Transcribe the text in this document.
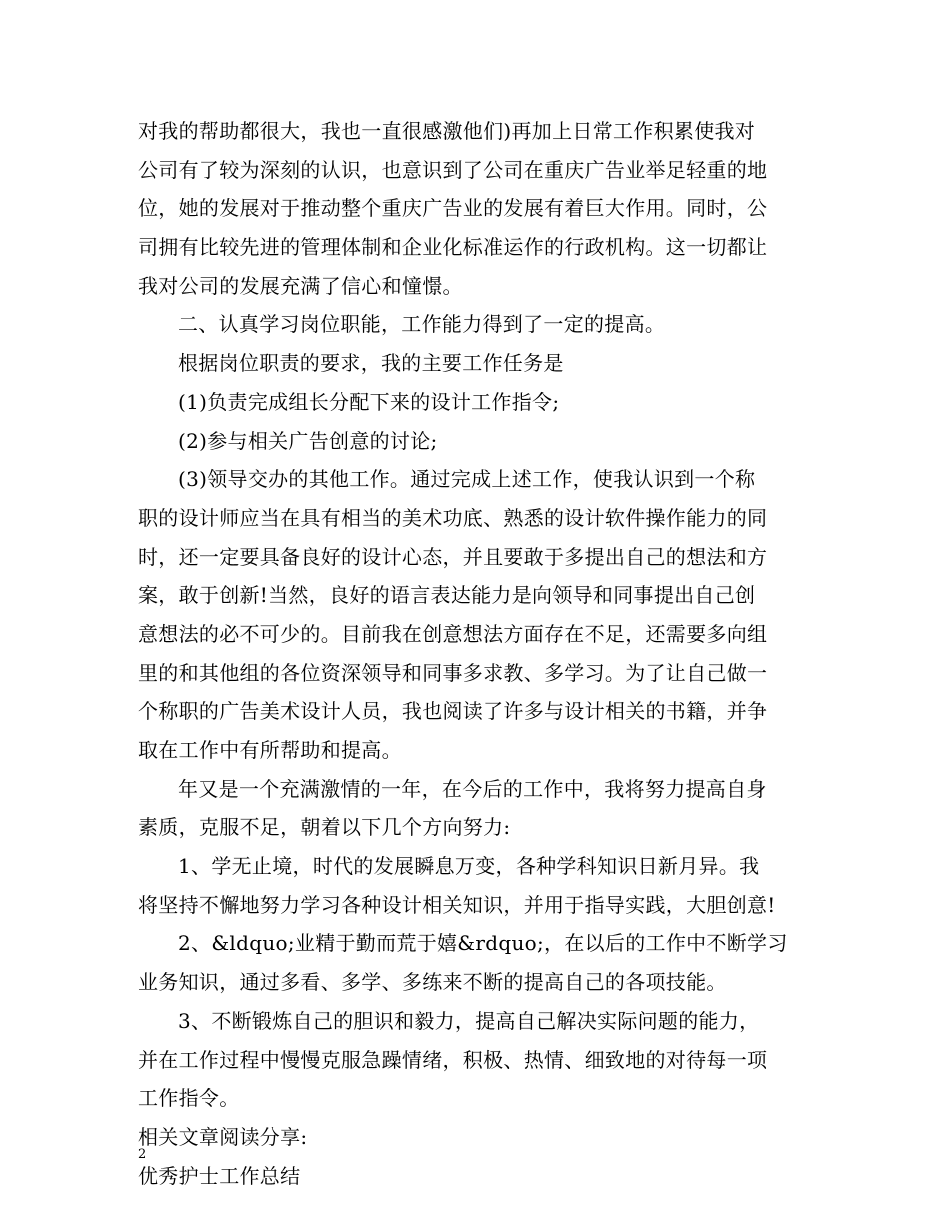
对我的帮助都很大，我也一直很感激他们)再加上日常工作积累使我对
公司有了较为深刻的认识，也意识到了公司在重庆广告业举足轻重的地
位，她的发展对于推动整个重庆广告业的发展有着巨大作用。同时，公
司拥有比较先进的管理体制和企业化标准运作的行政机构。这一切都让
我对公司的发展充满了信心和憧憬。
二、认真学习岗位职能，工作能力得到了一定的提高。
根据岗位职责的要求，我的主要工作任务是
(1)负责完成组长分配下来的设计工作指令;
(2)参与相关广告创意的讨论;
(3)领导交办的其他工作。通过完成上述工作，使我认识到一个称
职的设计师应当在具有相当的美术功底、熟悉的设计软件操作能力的同
时，还一定要具备良好的设计心态，并且要敢于多提出自己的想法和方
案，敢于创新!当然，良好的语言表达能力是向领导和同事提出自己创
意想法的必不可少的。目前我在创意想法方面存在不足，还需要多向组
里的和其他组的各位资深领导和同事多求教、多学习。为了让自己做一
个称职的广告美术设计人员，我也阅读了许多与设计相关的书籍，并争
取在工作中有所帮助和提高。
年又是一个充满激情的一年，在今后的工作中，我将努力提高自身
素质，克服不足，朝着以下几个方向努力:
1、学无止境，时代的发展瞬息万变，各种学科知识日新月异。我
将坚持不懈地努力学习各种设计相关知识，并用于指导实践，大胆创意!
2、&ldquo;业精于勤而荒于嬉&rdquo;，在以后的工作中不断学习
业务知识，通过多看、多学、多练来不断的提高自己的各项技能。
3、不断锻炼自己的胆识和毅力，提高自己解决实际问题的能力，
并在工作过程中慢慢克服急躁情绪，积极、热情、细致地的对待每一项
工作指令。
相关文章阅读分享:
优秀护士工作总结
2
